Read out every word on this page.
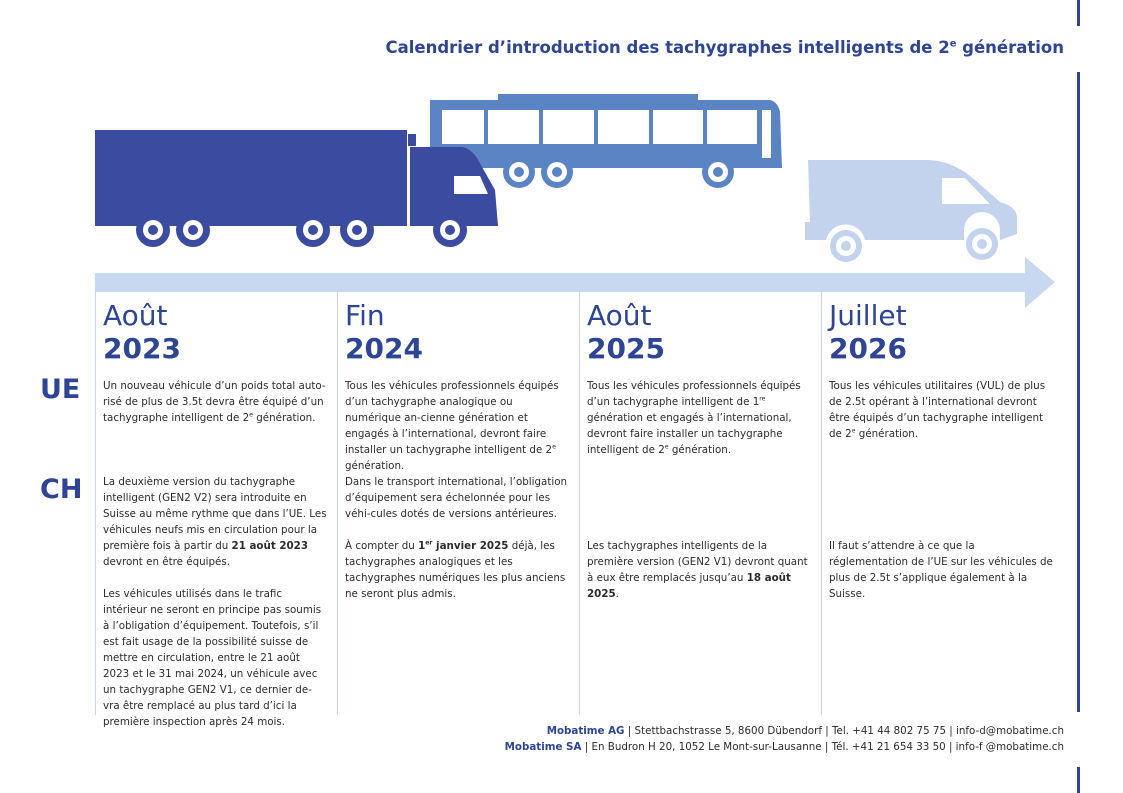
Calendrier d’introduction des tachygraphes intelligents de 2e génération
UE
CH
Août
2023
Fin
2024
Août
2025
Juillet
2026
Un nouveau véhicule d’un poids total auto-risé de plus de 3.5t devra être équipé d’un tachygraphe intelligent de 2e génération.
Tous les véhicules professionnels équipés d’un tachygraphe analogique ou numérique an-cienne génération et engagés à l’international, devront faire installer un tachygraphe intelligent de 2e génération.
Tous les véhicules professionnels équipés d’un tachygraphe intelligent de 1re génération et engagés à l’international, devront faire installer un tachygraphe intelligent de 2e génération.
Tous les véhicules utilitaires (VUL) de plus de 2.5t opérant à l’international devront être équipés d’un tachygraphe intelligent de 2e génération.

La deuxième version du tachygraphe intelligent (GEN2 V2) sera introduite en Suisse au même rythme que dans l’UE. Les véhicules neufs mis en circulation pour la première fois à partir du 21 août 2023 devront en être équipés.

Les véhicules utilisés dans le trafic intérieur ne seront en principe pas soumis à l’obligation d’équipement. Toutefois, s’il est fait usage de la possibilité suisse de mettre en circulation, entre le 21 août 2023 et le 31 mai 2024, un véhicule avec un tachygraphe GEN2 V1, ce dernier de-vra être remplacé au plus tard d’ici la première inspection après 24 mois.

Dans le transport international, l’obligation d’équipement sera échelonnée pour les véhi-cules dotés de versions antérieures.

À compter du 1er janvier 2025 déjà, les tachygraphes analogiques et les tachygraphes numériques les plus anciens ne seront plus admis.

Les tachygraphes intelligents de la première version (GEN2 V1) devront quant à eux être remplacés jusqu’au 18 août 2025.
Il faut s’attendre à ce que la réglementation de l’UE sur les véhicules de plus de 2.5t s’applique également à la Suisse.
Mobatime AG | Stettbachstrasse 5, 8600 Dübendorf | Tel. +41 44 802 75 75 | info-d@mobatime.ch
Mobatime SA | En Budron H 20, 1052 Le Mont-sur-Lausanne | Tél. +41 21 654 33 50 | info-f @mobatime.ch
